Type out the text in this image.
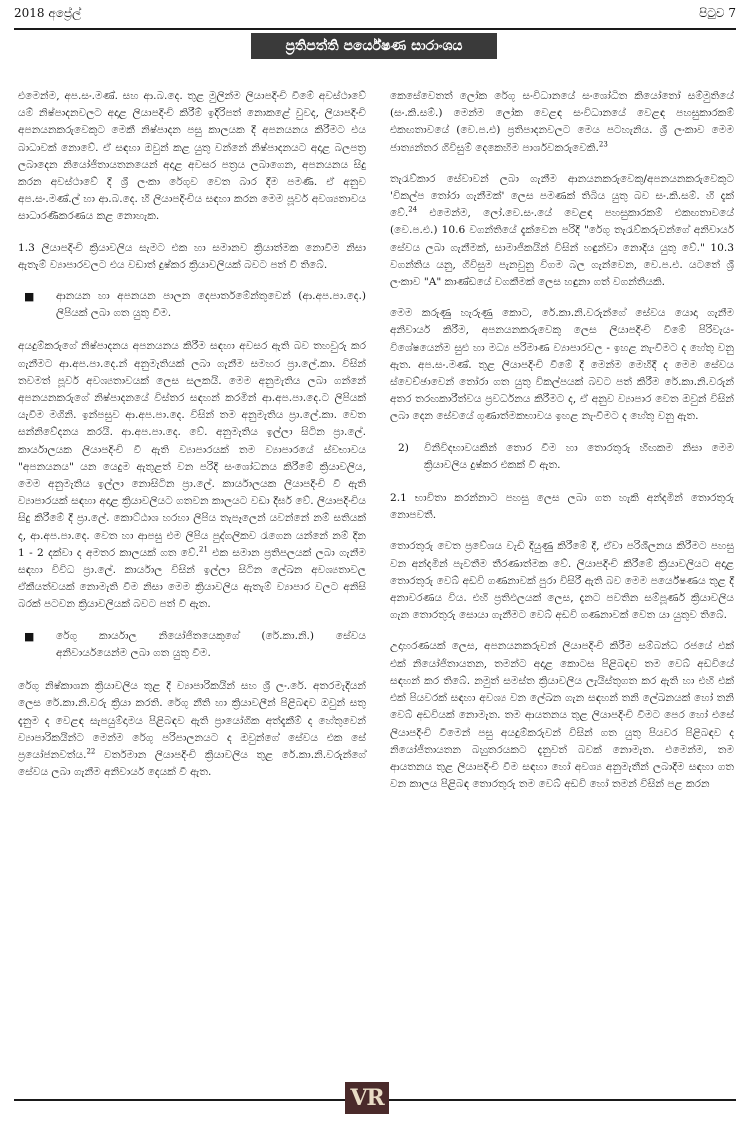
2018 අප්‍රේල්	පිටුව 7
ප්‍රතිපත්ති පර්යේෂණ සාරාංශය

එමෙන්ම, අප.සං.මණ්. සහ ආ.බ.දෙ. තුළ මුලින්ම ලියාපදිංචි වීමේ අවස්ථාවේ යම් නිෂ්පාදනවලට අදාළ ලියාපදිංචි කිරීම් ඉදිරිපත් නොකළේ වුවද, ලියාපදිංචි අපනයනකරුවෙකුට මෙකී නිෂ්පාදන පසු කාලයක දී අපනයනය කිරීමට එය බාධාවක් නොවේ. ඒ සඳහා ඔවුන් කළ යුතු වන්නේ නිෂ්පාදනයට අදාළ බලපත්‍ර ලබාදෙන නියෝජිතායතනයෙන් අදාළ අවසර පත්‍රය ලබාගෙන, අපනයනය සිදු කරන අවස්ථාවේ දී ශ්‍රී ලංකා රේගුව වෙත බාර දීම පමණි. ඒ අනුව අප.සං.මණ්.ල් හා ආ.බ.දෙ. හි ලියාපදිංචිය සඳහා කරන මෙම පූර්ව අවශ්‍යතාවය සාධාරණීකරණය කළ නොහැක.

1.3 ලියාපදිංචි ක්‍රියාවලිය සැමට එක හා සමානව ක්‍රියාත්මක නොවීම නිසා ඇතැම් ව්‍යාපාරවලට එය වඩාත් දුෂ්කර ක්‍රියාවලියක් බවට පත් වී තිබේ.

■	ආනයන හා අපනයන පාලන දෙපාර්තමේන්තුවෙන් (ආ.අප.පා.දෙ.) ලිපියක් ලබා ගත යුතු වීම.

අයදුම්කරුගේ නිෂ්පාදනය අපනයනය කිරීම සඳහා අවසර ඇති බව තහවුරු කර ගැනීමට ආ.අප.පා.දෙ.න් අනුමැතියක් ලබා ගැනීම සමහර ප්‍රා.ලේ.කා. විසින් තවමත් පූර්ව අවශ්‍යතාවයක් ලෙස සලකයි. මෙම අනුමැතිය ලබා ගන්නේ අපනයනකරුගේ නිෂ්පාදනයේ විස්තර සඳහන් කරමින් ආ.අප.පා.දෙ.ට ලිපියක් යැවීම මගිනි. ඉන්පසුව ආ.අප.පා.දෙ. විසින් තම අනුමැතිය ප්‍රා.ලේ.කා. වෙත සන්නිවේදනය කරයි. ආ.අප.පා.දෙ. වේ. අනුමැතිය ඉල්ලා සිටින ප්‍රා.ලේ. කාර්යාලයක ලියාපදිංචි වී ඇති ව්‍යාපාරයක් තම ව්‍යාපාරයේ ස්වභාවය "අපනයනය" යන යෙදුම ඇතුළත් වන පරිදි සංශෝධනය කිරීමේ ක්‍රියාවලිය, මෙම අනුමැතිය ඉල්ලා නොසිටින ප්‍රා.ලේ. කාර්යාලයක ලියාපදිංචි වී ඇති ව්‍යාපාරයක් සඳහා අදාළ ක්‍රියාවලියට ගතවන කාලයට වඩා දීර්ඝ වේ. ලියාපදිංචිය සිදු කිරීමේ දී ප්‍රා.ලේ. කොට්ඨාශ හරහා ලිපිය තැපෑලෙන් යවන්නේ නම් සතියක් ද, ආ.අප.පා.දෙ. වෙත හා ආපසු එම ලිපිය පුද්ගලිකව රැගෙන යන්නේ නම් දින 1 - 2 දක්වා ද අමතර කාලයක් ගත වේ.$^{21}$ එක සමාන ප්‍රතිපලයක් ලබා ගැනීම සඳහා විවිධ ප්‍රා.ලේ. කාර්යාල විසින් ඉල්ලා සිටින ලේඛන අවශ්‍යතාවල ඒකීයත්වයක් නොමැති වීම නිසා මෙම ක්‍රියාවලිය ඇතැම් ව්‍යාපාර වලට අනිසි බරක් පටවන ක්‍රියාවලියක් බවට පත් වී ඇත.

■	රේගු කාර්යාල නියෝජිතයෙකුගේ (රේ.කා.නි.) සේවය අනිවාර්යයෙන්ම ලබා ගත යුතු වීම.

රේගු නිෂ්කාශන ක්‍රියාවලිය තුළ දී ව්‍යාපාරිකයින් සහ ශ්‍රී ලං.රේ. අතරමැදියන් ලෙස රේ.කා.නි.වරු ක්‍රියා කරති. රේගු නීති හා ක්‍රියාවලීන් පිළිබඳව ඔවුන් සතු දැනුම ද වෙළඳ සැපයුම්දාමය පිළිබඳව ඇති ප්‍රායෝගික අත්දැකීම් ද හේතුවෙන් ව්‍යාපාරිකයින්ට මෙන්ම රේගු පරිපාලනයට ද ඔවුන්ගේ සේවය එක සේ ප්‍රයෝජනවත්ය.$^{22}$ වර්තමාන ලියාපදිංචි ක්‍රියාවලිය තුළ රේ.කා.නි.වරුන්ගේ සේවය ලබා ගැනීම අනිවාර්ය දෙයක් වී ඇත.

කෙසේවෙතත් ලෝක රේගු සංවිධානයේ සංශෝධිත කියෝතෝ සම්මුතියේ (සං.කි.සම්.) මෙන්ම ලෝක වෙළඳ සංවිධානයේ වෙළඳ පහසුකාරකම් එකඟතාවයේ (වෙ.ප.එ) ප්‍රතිපාදනවලට මෙය පටහැනිය. ශ්‍රී ලංකාව මෙම ජාත්‍යන්තර ගිවිසුම් දෙකෙහිම පාර්ශවකරුවෙකි.$^{23}$

තැරැව්කාර සේවාවන් ලබා ගැනීම ආනයනකරුවෙකු/අපනයනකරුවෙකුට 'විකල්ප තෝරා ගැනීමක්' ලෙස පමණක් තිබිය යුතු බව සං.කි.සම්. හි දැක් වේ.$^{24}$ එමෙන්ම, ලෝ.වෙ.සං.යේ වෙළඳ පහසුකාරකම් එකඟතාවයේ (වෙ.ප.එ.) 10.6 වගන්තියේ දැක්වෙන පරිදි "රේගු තැරැව්කරුවන්ගේ අනිවාර්ය සේවය ලබා ගැනීමක්, සාමාජිකයින් විසින් හඳුන්වා නොදිය යුතු වේ." 10.3 වගන්තිය යනු, ගිවිසුම පැනවුනු විගම බල ගැන්වෙන, වෙ.ප.එ. යටතේ ශ්‍රී ලංකාව "A" කාණ්ඩයේ වගකීමක් ලෙස හඳුනා ගත් වගන්තියකි.

මෙම කරුණු හැරුණු කොට, රේ.කා.නි.වරුන්ගේ සේවය යොදා ගැනීම අනිවාර්ය කිරීම, අපනයනකරුවෙකු ලෙස ලියාපදිංචි වීමේ පිරිවැය-විශේෂයෙන්ම සුළු හා මධ්‍ය පරිමාණ ව්‍යාපාරවල - ඉහළ නැංවීමට ද හේතු වනු ඇත. අප.සං.මණ්. තුළ ලියාපදිංචි වීමේ දී මෙන්ම මෙහිදී ද මෙම සේවය ස්වෙච්ඡාවෙන් තෝරා ගත යුතු විකල්පයක් බවට පත් කිරීම රේ.කා.නි.වරුන් අතර තරඟකාරීත්වය ප්‍රවර්ධනය කිරීමට ද, ඒ අනුව ව්‍යාපාර වෙත ඔවුන් විසින් ලබා දෙන සේවයේ ගුණාත්මකභාවය ඉහළ නැංවීමට ද හේතු වනු ඇත.

2)	විනිවිදභාවයකින් තොර වීම හා තොරතුරු හිඟකම නිසා මෙම ක්‍රියාවලිය දුෂ්කර එකක් වී ඇත.

2.1 භාවිතා කරන්නාට පහසු ලෙස ලබා ගත හැකි අන්දමින් තොරතුරු නොපවතී.

තොරතුරු වෙත ප්‍රවේශය වැඩි දියුණු කිරීමේ දී, ඒවා පරිශීලනය කිරීමට පහසු වන අන්දමින් පැවතීම තීරණාත්මක වේ. ලියාපදිංචි කිරීමේ ක්‍රියාවලියට අදාළ තොරතුරු වෙබ් අඩවි ගණනාවක් පුරා විසිරී ඇති බව මෙම පර්යේෂණය තුළ දී අනාවරණය විය. එහි ප්‍රතිඵලයක් ලෙස, දැනට පවතින සම්පූර්ණ ක්‍රියාවලිය ගැන තොරතුරු සොයා ගැනීමට වෙබ් අඩවි ගණනාවක් වෙත යා යුතුව තිබේ.

උදාහරණයක් ලෙස, අපනයනකරුවන් ලියාපදිංචි කිරීම සම්බන්ධ රජයේ එක් එක් නියෝජිතායතන, තමන්ට අදාළ කොටස පිළිබඳව තම වෙබ් අඩවියේ සඳහන් කර තිබේ. නමුත් සමස්ත ක්‍රියාවලිය ලැයිස්තුගත කර ඇති හා එහි එක් එක් පියවරක් සඳහා අවශ්‍ය වන ලේඛන ගැන සඳහන් තනි ලේඛනයක් හෝ තනි වෙබ් අඩවියක් නොමැත. තම ආයතනය තුළ ලියාපදිංචි වීමට පෙර හෝ එසේ ලියාපදිංචි වීමෙන් පසු අයදුම්කරුවන් විසින් ගත යුතු පියවර පිළිබඳව ද නියෝජිතායතන බහුතරයකට දැනුවත් බවක් නොමැත. එමෙන්ම, තම ආයතනය තුළ ලියාපදිංචි වීම සඳහා හෝ අවශ්‍ය අනුමැතීන් ලබාදීම සඳහා ගත වන කාලය පිළිබඳ තොරතුරු තම වෙබ් අඩවි හෝ තමන් විසින් පළ කරන

VR
